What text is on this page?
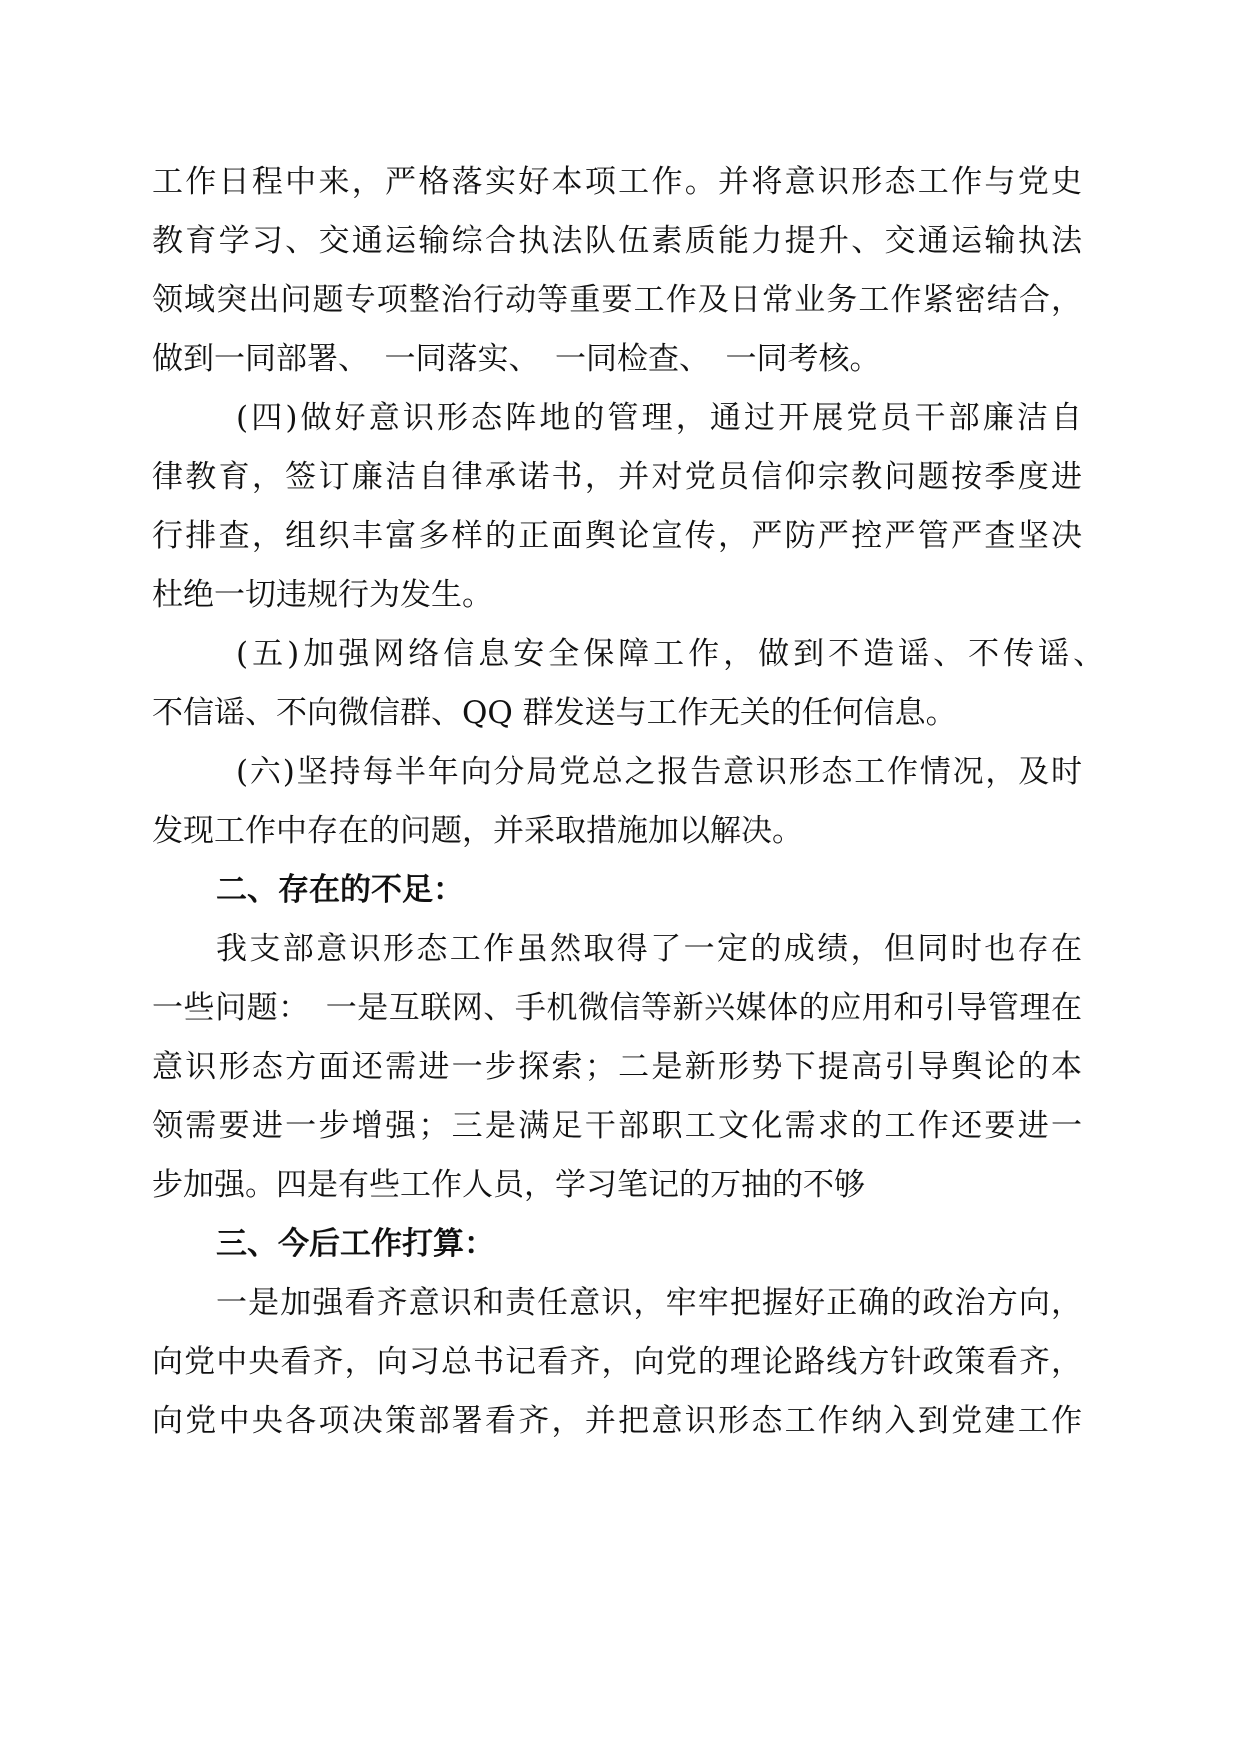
工作日程中来，严格落实好本项工作。并将意识形态工作与党史
教育学习、交通运输综合执法队伍素质能力提升、交通运输执法
领域突出问题专项整治行动等重要工作及日常业务工作紧密结合，
做到一同部署、　一同落实、　一同检查、　一同考核。
(四)做好意识形态阵地的管理，通过开展党员干部廉洁自
律教育，签订廉洁自律承诺书，并对党员信仰宗教问题按季度进
行排查，组织丰富多样的正面舆论宣传，严防严控严管严查坚决
杜绝一切违规行为发生。
(五)加强网络信息安全保障工作，做到不造谣、不传谣、
不信谣、不向微信群、QQ 群发送与工作无关的任何信息。
(六)坚持每半年向分局党总之报告意识形态工作情况，及时
发现工作中存在的问题，并采取措施加以解决。
二、存在的不足：
我支部意识形态工作虽然取得了一定的成绩，但同时也存在
一些问题：　一是互联网、手机微信等新兴媒体的应用和引导管理在
意识形态方面还需进一步探索；二是新形势下提高引导舆论的本
领需要进一步增强；三是满足干部职工文化需求的工作还要进一
步加强。四是有些工作人员，学习笔记的万抽的不够
三、今后工作打算：
一是加强看齐意识和责任意识，牢牢把握好正确的政治方向，
向党中央看齐，向习总书记看齐，向党的理论路线方针政策看齐，
向党中央各项决策部署看齐，并把意识形态工作纳入到党建工作
